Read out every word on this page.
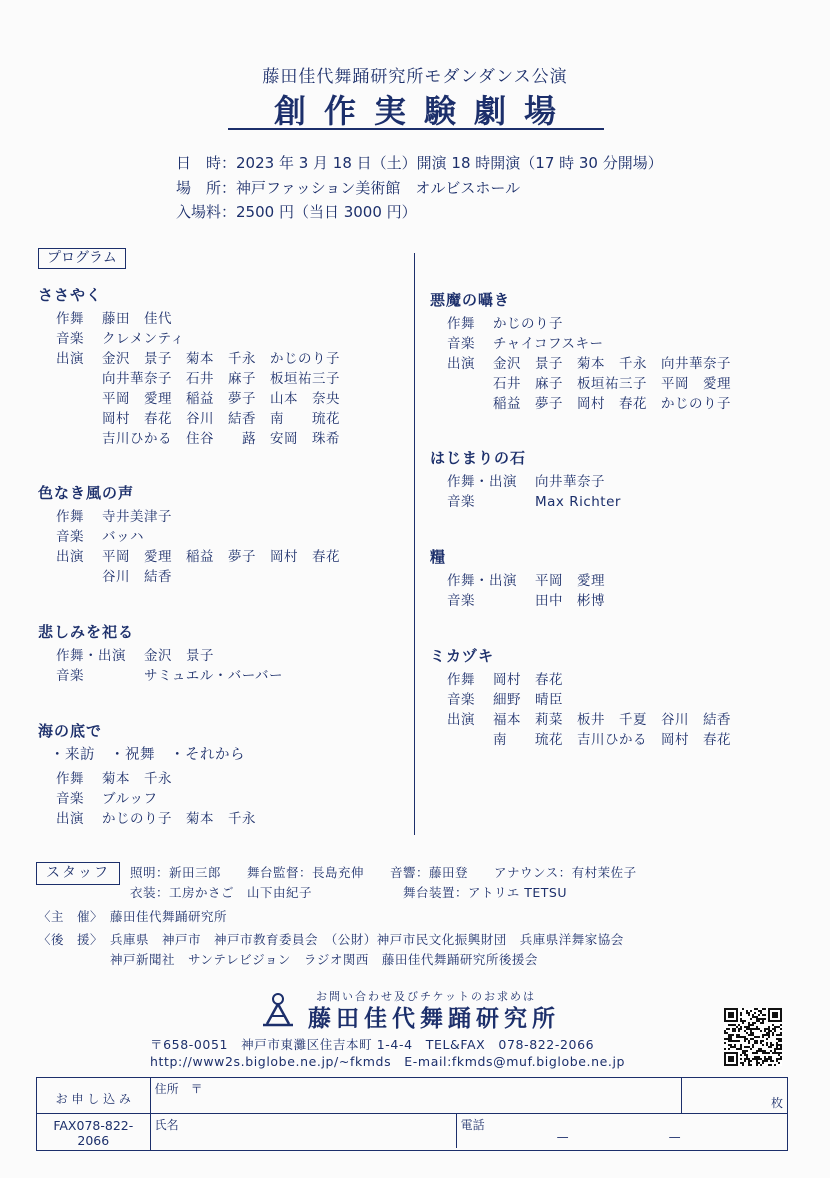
藤田佳代舞踊研究所モダンダンス公演
創作実験劇場
日　時：2023 年 3 月 18 日（土）開演 18 時開演（17 時 30 分開場）
場　所：神戸ファッション美術館　オルビスホール
入場料：2500 円（当日 3000 円）
プログラム
ささやく
作舞 藤田　佳代
音楽 クレメンティ
出演 金沢　景子　菊本　千永　かじのり子
向井華奈子　石井　麻子　板垣祐三子
平岡　愛理　稲益　夢子　山本　奈央
岡村　春花　谷川　結香　南　　琉花
吉川ひかる　住谷　　蕗　安岡　珠希
色なき風の声
作舞 寺井美津子
音楽 バッハ
出演 平岡　愛理　稲益　夢子　岡村　春花
谷川　結香
悲しみを祀る
作舞・出演 金沢　景子
音楽　　　サミュエル・バーバー
海の底で
・来訪　・祝舞　・それから
作舞 菊本　千永
音楽 ブルッフ
出演 かじのり子　菊本　千永
悪魔の囁き
作舞 かじのり子
音楽 チャイコフスキー
出演 金沢　景子　菊本　千永　向井華奈子
石井　麻子　板垣祐三子　平岡　愛理
稲益　夢子　岡村　春花　かじのり子
はじまりの石
作舞・出演 向井華奈子
音楽　　　Max Richter
糧
作舞・出演 平岡　愛理
音楽　　　田中　彬博
ミカヅキ
作舞 岡村　春花
音楽 細野　晴臣
出演 福本　莉菜　板井　千夏　谷川　結香
南　　琉花　吉川ひかる　岡村　春花
スタッフ	照明：新田三郎　　舞台監督：長島充伸　　音響：藤田登　　アナウンス：有村茉佐子
衣装：工房かさご　山下由紀子　　　　　　　舞台装置：アトリエ TETSU
〈主　催〉 藤田佳代舞踊研究所
〈後　援〉 兵庫県　神戸市　神戸市教育委員会　（公財）神戸市民文化振興財団　兵庫県洋舞家協会
神戸新聞社　サンテレビジョン　ラジオ関西　藤田佳代舞踊研究所後援会
お問い合わせ及びチケットのお求めは
藤田佳代舞踊研究所
〒658-0051　神戸市東灘区住吉本町 1-4-4　TEL&FAX　078-822-2066
http://www2s.biglobe.ne.jp/~fkmds　E-mail:fkmds@muf.biglobe.ne.jp
お 申 し 込 み	住所　〒	枚
FAX078-822-2066	氏名 電話
— —	
